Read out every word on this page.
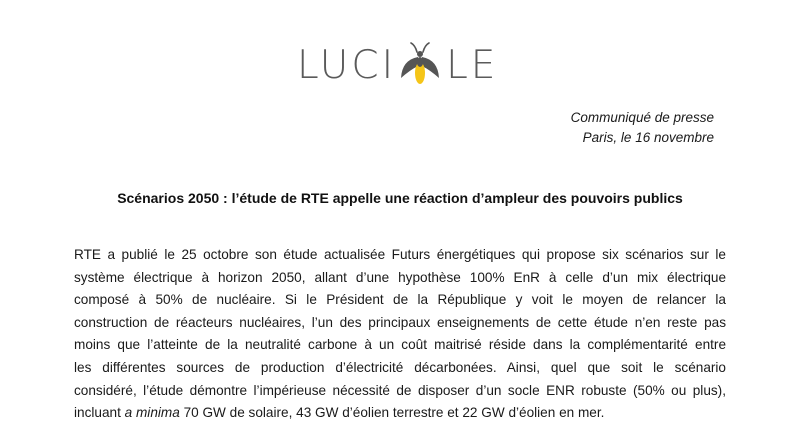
LUCI LE
Communiqué de presse
Paris, le 16 novembre
Scénarios 2050 : l’étude de RTE appelle une réaction d’ampleur des pouvoirs publics
RTE a publié le 25 octobre son étude actualisée Futurs énergétiques qui propose six scénarios sur le
système électrique à horizon 2050, allant d’une hypothèse 100% EnR à celle d’un mix électrique
composé à 50% de nucléaire. Si le Président de la République y voit le moyen de relancer la
construction de réacteurs nucléaires, l’un des principaux enseignements de cette étude n’en reste pas
moins que l’atteinte de la neutralité carbone à un coût maitrisé réside dans la complémentarité entre
les différentes sources de production d’électricité décarbonées. Ainsi, quel que soit le scénario
considéré, l’étude démontre l’impérieuse nécessité de disposer d’un socle ENR robuste (50% ou plus),
incluant a minima 70 GW de solaire, 43 GW d’éolien terrestre et 22 GW d’éolien en mer.
